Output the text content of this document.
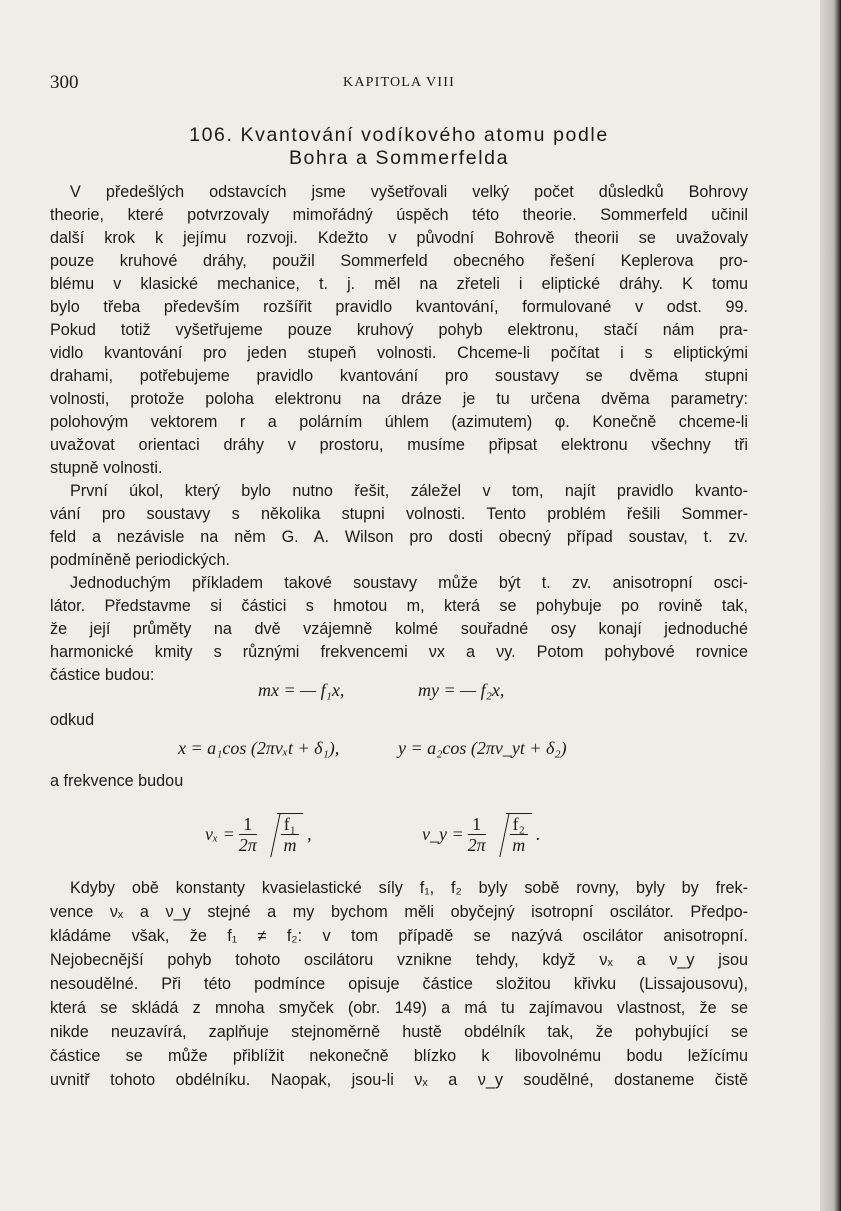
300	KAPITOLA VIII
106. Kvantování vodíkového atomu podle
Bohra a Sommerfelda
V předešlých odstavcích jsme vyšetřovali velký počet důsledků Bohrovy
theorie, které potvrzovaly mimořádný úspěch této theorie. Sommerfeld učinil
další krok k jejímu rozvoji. Kdežto v původní Bohrově theorii se uvažovaly
pouze kruhové dráhy, použil Sommerfeld obecného řešení Keplerova pro-
blému v klasické mechanice, t. j. měl na zřeteli i eliptické dráhy. K tomu
bylo třeba především rozšířit pravidlo kvantování, formulované v odst. 99.
Pokud totiž vyšetřujeme pouze kruhový pohyb elektronu, stačí nám pra-
vidlo kvantování pro jeden stupeň volnosti. Chceme-li počítat i s eliptickými
drahami, potřebujeme pravidlo kvantování pro soustavy se dvěma stupni
volnosti, protože poloha elektronu na dráze je tu určena dvěma parametry:
polohovým vektorem r a polárním úhlem (azimutem) φ. Konečně chceme-li
uvažovat orientaci dráhy v prostoru, musíme připsat elektronu všechny tři
stupně volnosti.
První úkol, který bylo nutno řešit, záležel v tom, najít pravidlo kvanto-
vání pro soustavy s několika stupni volnosti. Tento problém řešili Sommer-
feld a nezávisle na něm G. A. Wilson pro dosti obecný případ soustav, t. zv.
podmíněně periodických.
Jednoduchým příkladem takové soustavy může být t. zv. anisotropní osci-
látor. Představme si částici s hmotou m, která se pohybuje po rovině tak,
že její průměty na dvě vzájemně kolmé souřadné osy konají jednoduché
harmonické kmity s různými frekvencemi νx a νy. Potom pohybové rovnice
částice budou:
mx = — f₁x,	my = — f₂x,
odkud
x = a₁cos (2πνₓt + δ₁),	y = a₂cos (2πν_yt + δ₂)
a frekvence budou
$\nu_x = \frac{1}{2\pi} \frac{\text{f₁}}{m}$ ,	ν_y = $\frac{1}{2\pi} \frac{\text{f₂}}{m}$ .
Kdyby obě konstanty kvasielastické síly f₁, f₂ byly sobě rovny, byly by frek-
vence νₓ a ν_y stejné a my bychom měli obyčejný isotropní oscilátor. Předpo-
kládáme však, že f₁ ≠ f₂: v tom případě se nazývá oscilátor anisotropní.
Nejobecnější pohyb tohoto oscilátoru vznikne tehdy, když νₓ a ν_y jsou
nesoudělné. Při této podmínce opisuje částice složitou křivku (Lissajousovu),
která se skládá z mnoha smyček (obr. 149) a má tu zajímavou vlastnost, že se
nikde neuzavírá, zaplňuje stejnoměrně hustě obdélník tak, že pohybující se
částice se může přiblížit nekonečně blízko k libovolnému bodu ležícímu
uvnitř tohoto obdélníku. Naopak, jsou-li νₓ a ν_y soudělné, dostaneme čistě
